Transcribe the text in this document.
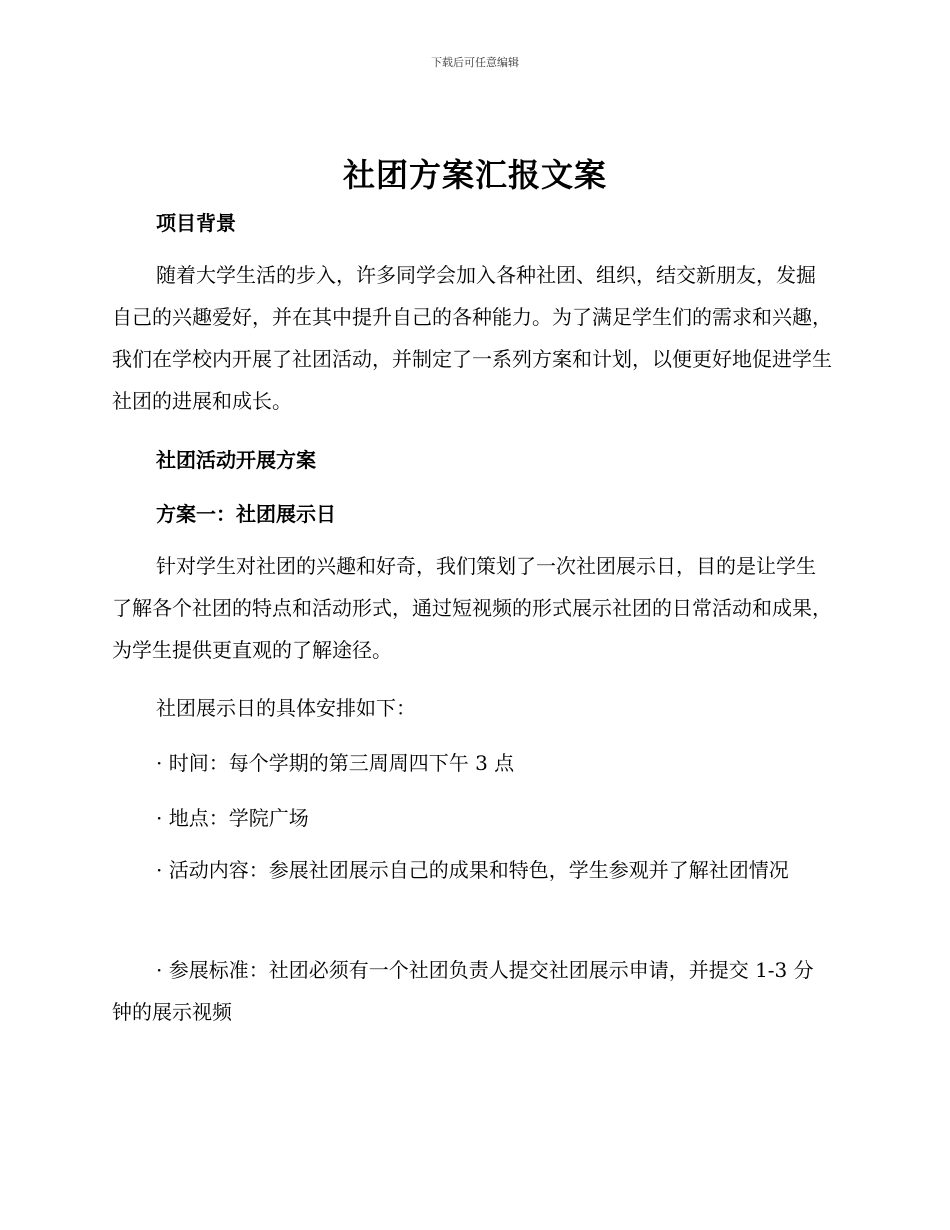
下载后可任意编辑
社团方案汇报文案
项目背景
随着大学生活的步入，许多同学会加入各种社团、组织，结交新朋友，发掘自己的兴趣爱好，并在其中提升自己的各种能力。为了满足学生们的需求和兴趣，我们在学校内开展了社团活动，并制定了一系列方案和计划，以便更好地促进学生社团的进展和成长。
社团活动开展方案
方案一：社团展示日
针对学生对社团的兴趣和好奇，我们策划了一次社团展示日，目的是让学生了解各个社团的特点和活动形式，通过短视频的形式展示社团的日常活动和成果，为学生提供更直观的了解途径。
社团展示日的具体安排如下：
· 时间：每个学期的第三周周四下午 3 点
· 地点：学院广场
· 活动内容：参展社团展示自己的成果和特色，学生参观并了解社团情况
· 参展标准：社团必须有一个社团负责人提交社团展示申请，并提交 1-3 分钟的展示视频
